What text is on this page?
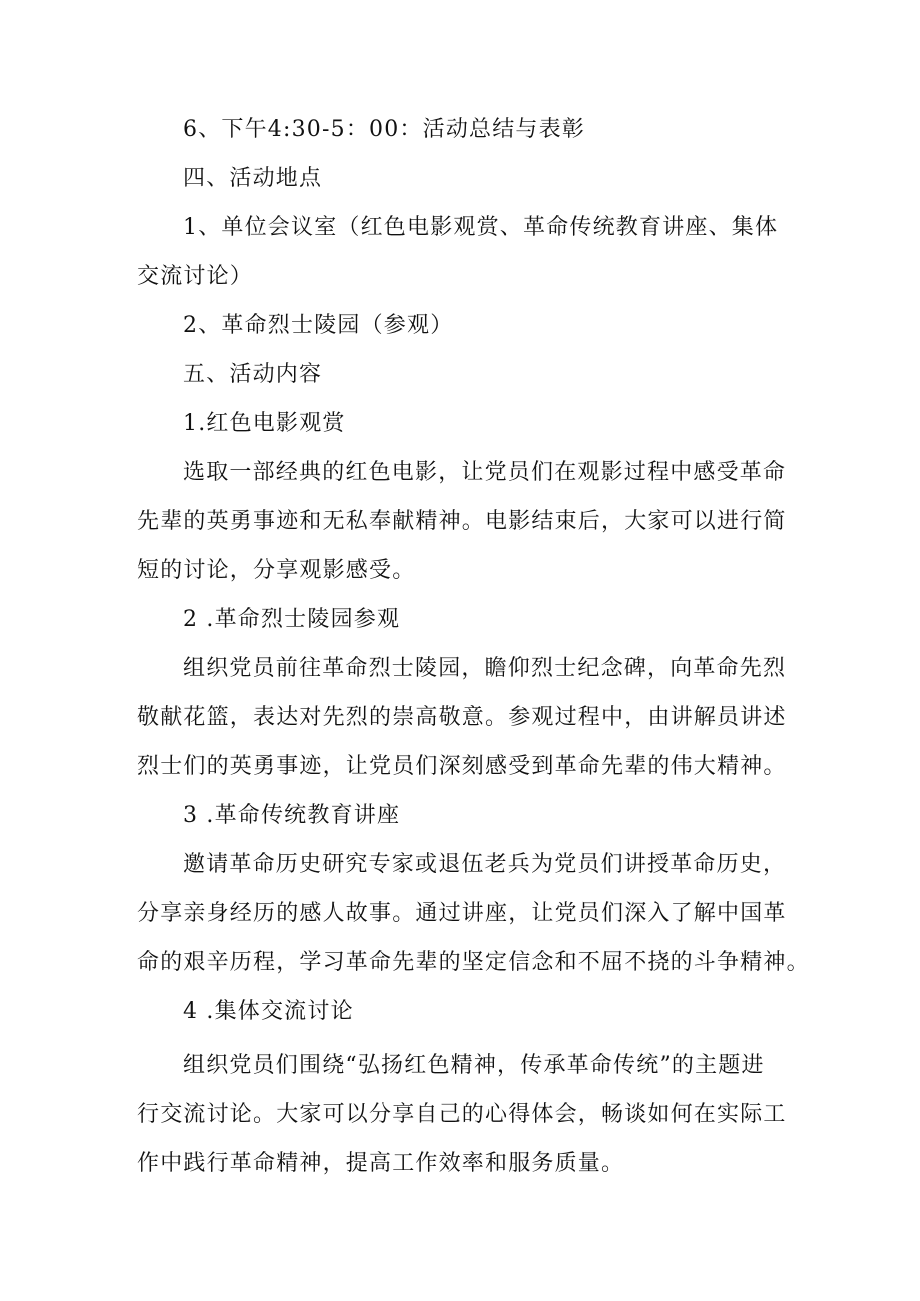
6、下午4:30-5：00：活动总结与表彰
四、活动地点
1、单位会议室（红色电影观赏、革命传统教育讲座、集体
交流讨论）
2、革命烈士陵园（参观）
五、活动内容
1.红色电影观赏
选取一部经典的红色电影，让党员们在观影过程中感受革命
先辈的英勇事迹和无私奉献精神。电影结束后，大家可以进行简
短的讨论，分享观影感受。
2 .革命烈士陵园参观
组织党员前往革命烈士陵园，瞻仰烈士纪念碑，向革命先烈
敬献花篮，表达对先烈的崇高敬意。参观过程中，由讲解员讲述
烈士们的英勇事迹，让党员们深刻感受到革命先辈的伟大精神。
3 .革命传统教育讲座
邀请革命历史研究专家或退伍老兵为党员们讲授革命历史，
分享亲身经历的感人故事。通过讲座，让党员们深入了解中国革
命的艰辛历程，学习革命先辈的坚定信念和不屈不挠的斗争精神。
4 .集体交流讨论
组织党员们围绕“弘扬红色精神，传承革命传统”的主题进
行交流讨论。大家可以分享自己的心得体会，畅谈如何在实际工
作中践行革命精神，提高工作效率和服务质量。
